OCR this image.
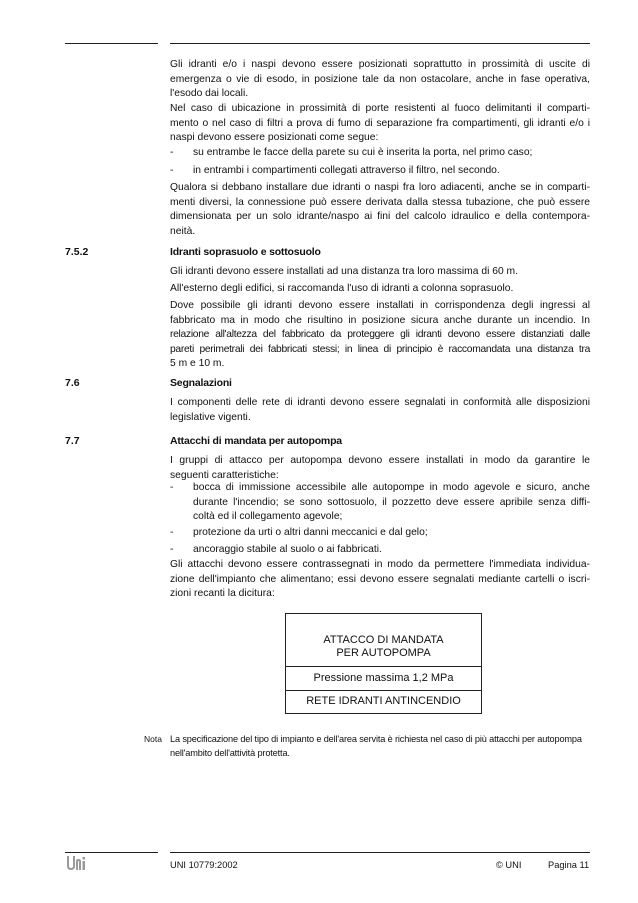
Gli idranti e/o i naspi devono essere posizionati soprattutto in prossimità di uscite di
emergenza o vie di esodo, in posizione tale da non ostacolare, anche in fase operativa,
l'esodo dai locali.

Nel caso di ubicazione in prossimità di porte resistenti al fuoco delimitanti il comparti-
mento o nel caso di filtri a prova di fumo di separazione fra compartimenti, gli idranti e/o i
naspi devono essere posizionati come segue:

- su entrambe le facce della parete su cui è inserita la porta, nel primo caso;
- in entrambi i compartimenti collegati attraverso il filtro, nel secondo.

Qualora si debbano installare due idranti o naspi fra loro adiacenti, anche se in comparti-
menti diversi, la connessione può essere derivata dalla stessa tubazione, che può essere
dimensionata per un solo idrante/naspo ai fini del calcolo idraulico e della contempora-
neità.

7.5.2	Idranti soprasuolo e sottosuolo

Gli idranti devono essere installati ad una distanza tra loro massima di 60 m.

All'esterno degli edifici, si raccomanda l'uso di idranti a colonna soprasuolo.

Dove possibile gli idranti devono essere installati in corrispondenza degli ingressi al
fabbricato ma in modo che risultino in posizione sicura anche durante un incendio. In
relazione all'altezza del fabbricato da proteggere gli idranti devono essere distanziati dalle
pareti perimetrali dei fabbricati stessi; in linea di principio è raccomandata una distanza tra
5 m e 10 m.

7.6	Segnalazioni

I componenti delle rete di idranti devono essere segnalati in conformità alle disposizioni
legislative vigenti.

7.7	Attacchi di mandata per autopompa

I gruppi di attacco per autopompa devono essere installati in modo da garantire le
seguenti caratteristiche:

- bocca di immissione accessibile alle autopompe in modo agevole e sicuro, anche
durante l'incendio; se sono sottosuolo, il pozzetto deve essere apribile senza diffi-
coltà ed il collegamento agevole;
- protezione da urti o altri danni meccanici e dal gelo;
- ancoraggio stabile al suolo o ai fabbricati.

Gli attacchi devono essere contrassegnati in modo da permettere l'immediata individua-
zione dell'impianto che alimentano; essi devono essere segnalati mediante cartelli o iscri-
zioni recanti la dicitura:

ATTACCO DI MANDATA
PER AUTOPOMPA
Pressione massima 1,2 MPa
RETE IDRANTI ANTINCENDIO
Nota La specificazione del tipo di impianto e dell'area servita è richiesta nel caso di più attacchi per autopompa
nell'ambito dell'attività protetta.
UNI 10779:2002	© UNI	Pagina 11
